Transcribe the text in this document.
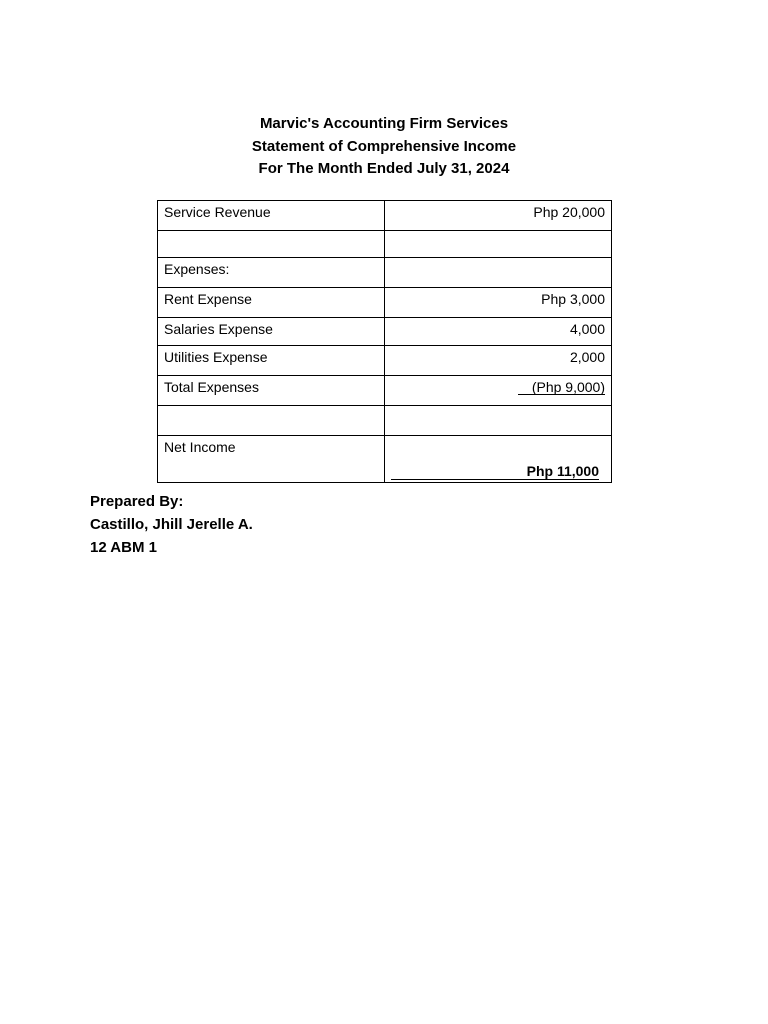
Marvic's Accounting Firm Services
Statement of Comprehensive Income
For The Month Ended July 31, 2024
Service Revenue	Php 20,000

Expenses:	
Rent Expense	Php 3,000
Salaries Expense	4,000
Utilities Expense	2,000
Total Expenses	(Php 9,000)

Net Income	Php 11,000
Prepared By:
Castillo, Jhill Jerelle A.
12 ABM 1
